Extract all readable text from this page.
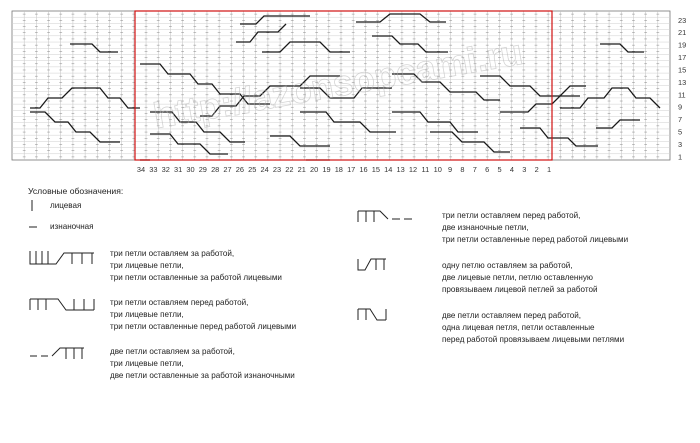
http://azonsopcami.ru
1
3
5
7
9
11
13
15
17
19
21
23
34 33 32 31 30 29 28 27 26 25 24 23 22 21 20 19 18 17 16 15 14 13 12 11 10 9 8 7 6 5 4 3 2 1
Условные обозначения:
лицевая
изнаночная
три петли оставляем за работой,
три лицевые петли,
три петли оставленные за работой лицевыми
три петли оставляем перед работой,
три лицевые петли,
три петли оставленные перед работой лицевыми
две петли оставляем за работой,
три лицевые петли,
две петли оставленные за работой изнаночными
три петли оставляем перед работой,
две изнаночные петли,
три петли оставленные перед работой лицевыми
одну петлю оставляем за работой,
две лицевые петли, петлю оставленную
провязываем лицевой петлей за работой
две петли оставляем перед работой,
одна лицевая петля, петли оставленные
перед работой провязываем лицевыми петлями
